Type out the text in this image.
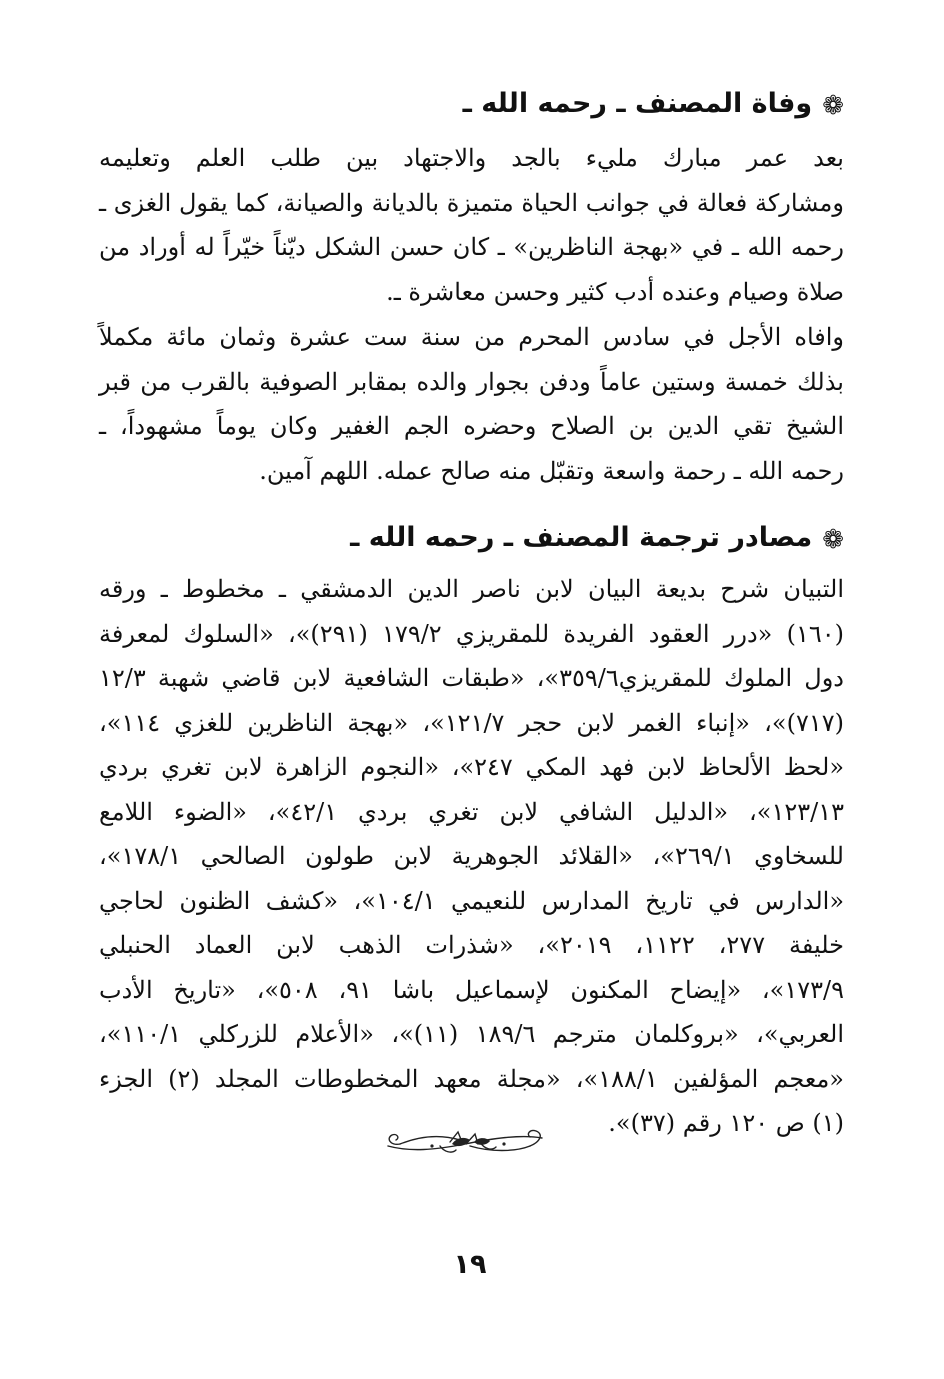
❁وفاة المصنف ـ رحمه الله ـ

بعد عمر مبارك مليء بالجد والاجتهاد بين طلب العلم وتعليمه
ومشاركة فعالة في جوانب الحياة متميزة بالديانة والصيانة، كما يقول الغزى ـ
رحمه الله ـ في «بهجة الناظرين» ـ كان حسن الشكل ديّناً خيّراً له أوراد من
صلاة وصيام وعنده أدب كثير وحسن معاشرة ـ.

وافاه الأجل في سادس المحرم من سنة ست عشرة وثمان مائة مكملاً
بذلك خمسة وستين عاماً ودفن بجوار والده بمقابر الصوفية بالقرب من قبر
الشيخ تقي الدين بن الصلاح وحضره الجم الغفير وكان يوماً مشهوداً، ـ
رحمه الله ـ رحمة واسعة وتقبّل منه صالح عمله. اللهم آمين.

❁مصادر ترجمة المصنف ـ رحمه الله ـ

التبيان شرح بديعة البيان لابن ناصر الدين الدمشقي ـ مخطوط ـ ورقه
(١٦٠) «درر العقود الفريدة للمقريزي ١٧٩/٢ (٢٩١)»، «السلوك لمعرفة
دول الملوك للمقريزي٣٥٩/٦»، «طبقات الشافعية لابن قاضي شهبة ١٢/٣
(٧١٧)»، «إنباء الغمر لابن حجر ١٢١/٧»، «بهجة الناظرين للغزي ١١٤»،
«لحظ الألحاظ لابن فهد المكي ٢٤٧»، «النجوم الزاهرة لابن تغري بردي
١٢٣/١٣»، «الدليل الشافي لابن تغري بردي ٤٢/١»، «الضوء اللامع
للسخاوي ٢٦٩/١»، «القلائد الجوهرية لابن طولون الصالحي ١٧٨/١»،
«الدارس في تاريخ المدارس للنعيمي ١٠٤/١»، «كشف الظنون لحاجي
خليفة ٢٧٧، ١١٢٢، ٢٠١٩»، «شذرات الذهب لابن العماد الحنبلي
١٧٣/٩»، «إيضاح المكنون لإسماعيل باشا ٩١، ٥٠٨»، «تاريخ الأدب
العربي»، «بروكلمان مترجم ١٨٩/٦ (١١)»، «الأعلام للزركلي ١١٠/١»،
«معجم المؤلفين ١٨٨/١»، «مجلة معهد المخطوطات المجلد (٢) الجزء
(١) ص ١٢٠ رقم (٣٧)».

١٩
